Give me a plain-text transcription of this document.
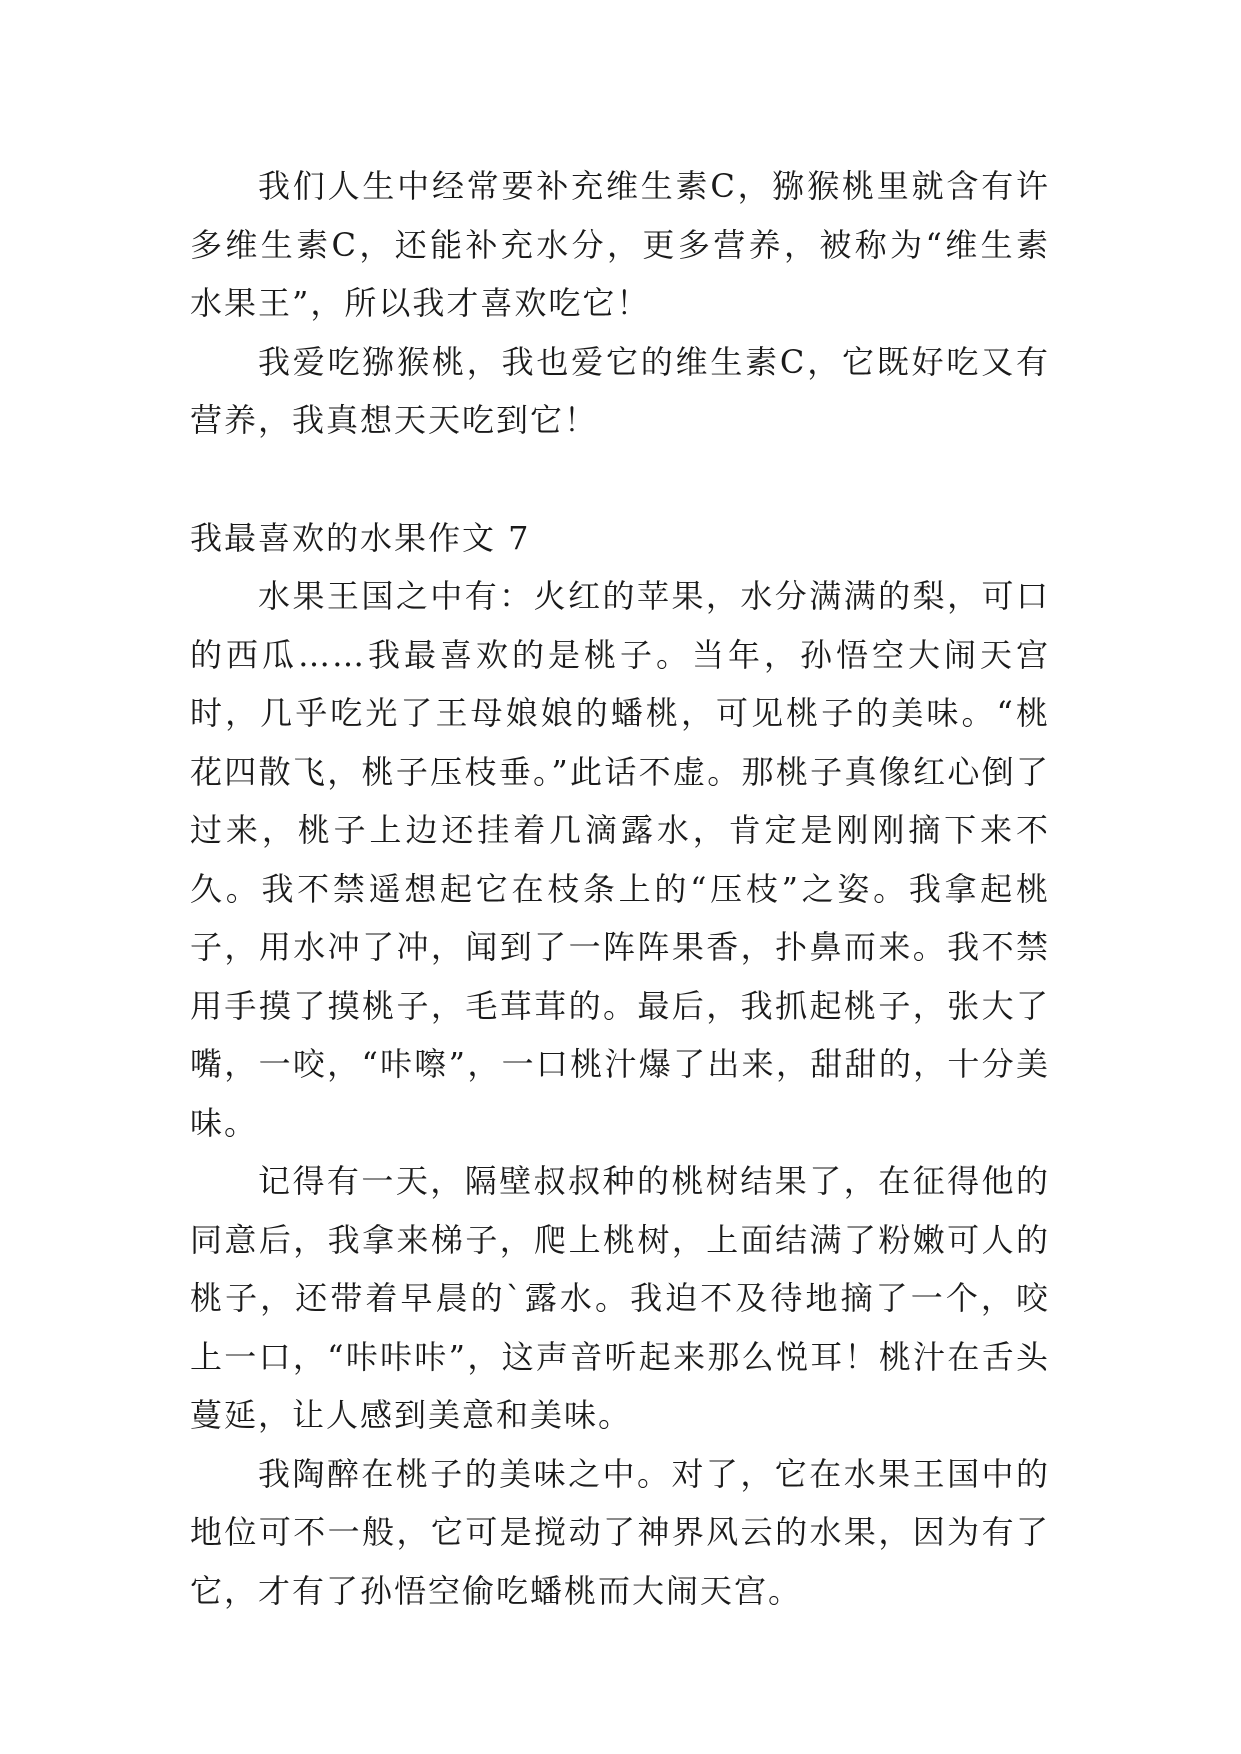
我们人生中经常要补充维生素C，猕猴桃里就含有许多维生素C，还能补充水分，更多营养，被称为“维生素水果王”，所以我才喜欢吃它！

我爱吃猕猴桃，我也爱它的维生素C，它既好吃又有营养，我真想天天吃到它！

我最喜欢的水果作文 7

水果王国之中有：火红的苹果，水分满满的梨，可口的西瓜……我最喜欢的是桃子。当年，孙悟空大闹天宫时，几乎吃光了王母娘娘的蟠桃，可见桃子的美味。“桃花四散飞，桃子压枝垂。”此话不虚。那桃子真像红心倒了过来，桃子上边还挂着几滴露水，肯定是刚刚摘下来不久。我不禁遥想起它在枝条上的“压枝”之姿。我拿起桃子，用水冲了冲，闻到了一阵阵果香，扑鼻而来。我不禁用手摸了摸桃子，毛茸茸的。最后，我抓起桃子，张大了嘴，一咬，“咔嚓”，一口桃汁爆了出来，甜甜的，十分美味。

记得有一天，隔壁叔叔种的桃树结果了，在征得他的同意后，我拿来梯子，爬上桃树，上面结满了粉嫩可人的桃子，还带着早晨的`露水。我迫不及待地摘了一个，咬上一口，“咔咔咔”，这声音听起来那么悦耳！桃汁在舌头蔓延，让人感到美意和美味。

我陶醉在桃子的美味之中。对了，它在水果王国中的地位可不一般，它可是搅动了神界风云的水果，因为有了它，才有了孙悟空偷吃蟠桃而大闹天宫。
